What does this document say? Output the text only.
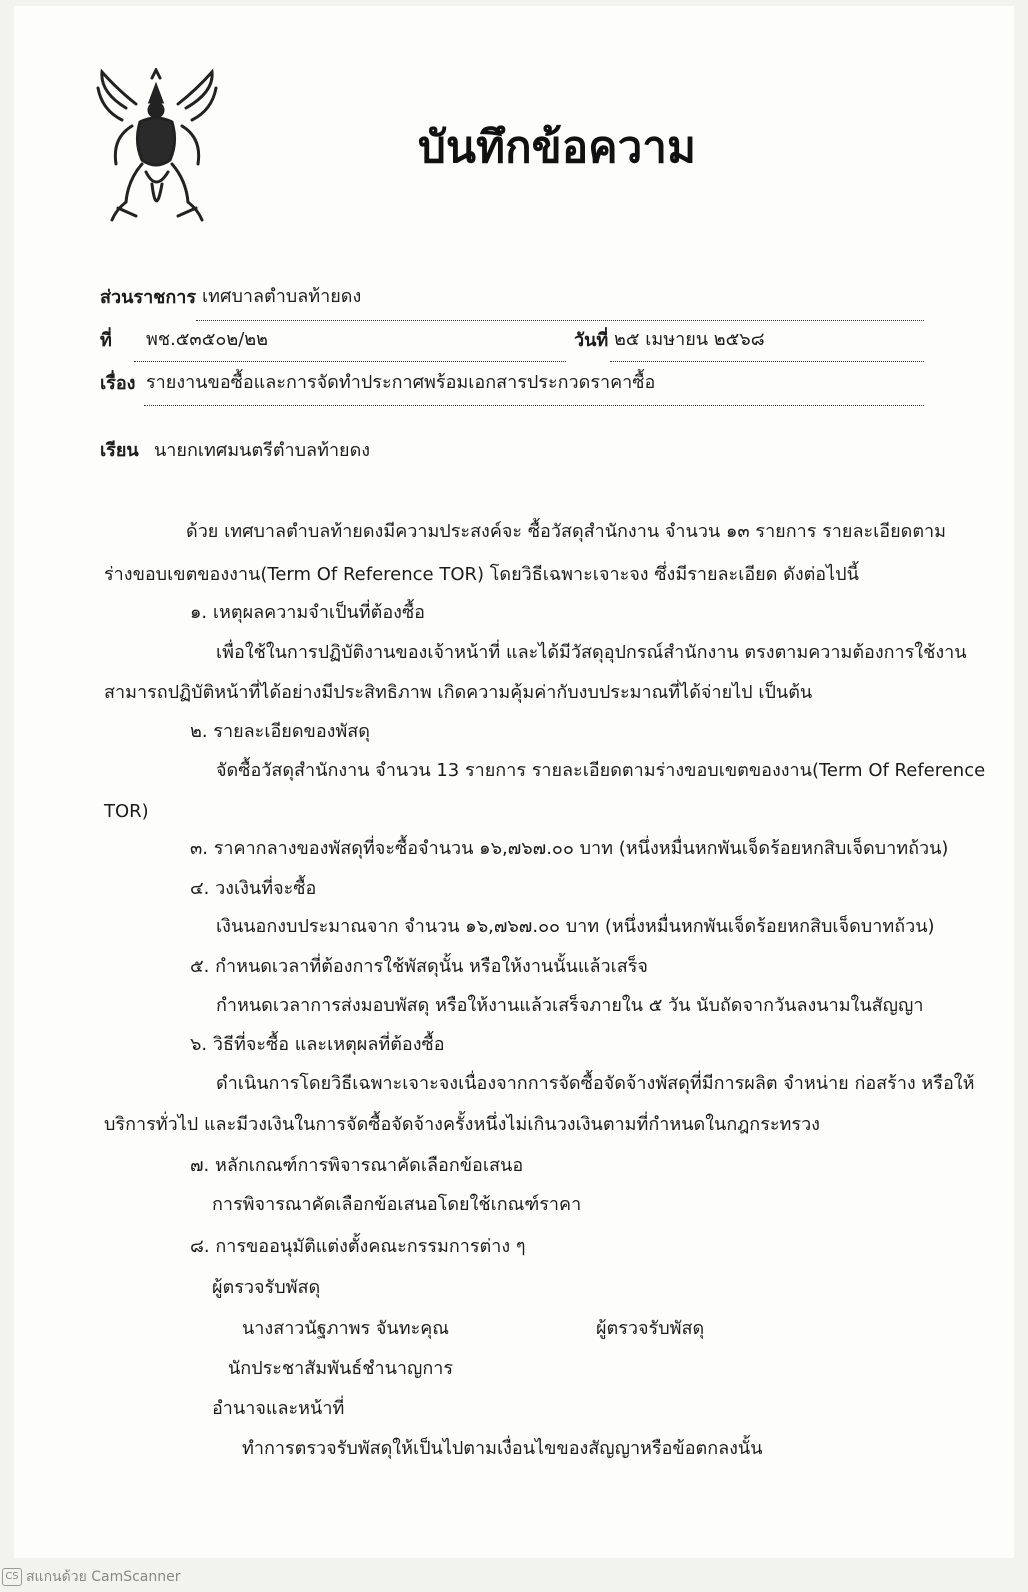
บันทึกข้อความ
ส่วนราชการ เทศบาลตำบลท้ายดง
ที่ พช.๕๓๕๐๒/๒๒	วันที่ ๒๕ เมษายน ๒๕๖๘
เรื่อง รายงานขอซื้อและการจัดทำประกาศพร้อมเอกสารประกวดราคาซื้อ
เรียน นายกเทศมนตรีตำบลท้ายดง
ด้วย เทศบาลตำบลท้ายดงมีความประสงค์จะ ซื้อวัสดุสำนักงาน จำนวน ๑๓ รายการ รายละเอียดตาม
ร่างขอบเขตของงาน(Term Of Reference TOR) โดยวิธีเฉพาะเจาะจง ซึ่งมีรายละเอียด ดังต่อไปนี้
๑. เหตุผลความจำเป็นที่ต้องซื้อ
เพื่อใช้ในการปฏิบัติงานของเจ้าหน้าที่ และได้มีวัสดุอุปกรณ์สำนักงาน ตรงตามความต้องการใช้งาน
สามารถปฏิบัติหน้าที่ได้อย่างมีประสิทธิภาพ เกิดความคุ้มค่ากับงบประมาณที่ได้จ่ายไป เป็นต้น
๒. รายละเอียดของพัสดุ
จัดซื้อวัสดุสำนักงาน จำนวน 13 รายการ รายละเอียดตามร่างขอบเขตของงาน(Term Of Reference
TOR)
๓. ราคากลางของพัสดุที่จะซื้อจำนวน ๑๖,๗๖๗.๐๐ บาท (หนึ่งหมื่นหกพันเจ็ดร้อยหกสิบเจ็ดบาทถ้วน)
๔. วงเงินที่จะซื้อ
เงินนอกงบประมาณจาก จำนวน ๑๖,๗๖๗.๐๐ บาท (หนึ่งหมื่นหกพันเจ็ดร้อยหกสิบเจ็ดบาทถ้วน)
๕. กำหนดเวลาที่ต้องการใช้พัสดุนั้น หรือให้งานนั้นแล้วเสร็จ
กำหนดเวลาการส่งมอบพัสดุ หรือให้งานแล้วเสร็จภายใน ๕ วัน นับถัดจากวันลงนามในสัญญา
๖. วิธีที่จะซื้อ และเหตุผลที่ต้องซื้อ
ดำเนินการโดยวิธีเฉพาะเจาะจงเนื่องจากการจัดซื้อจัดจ้างพัสดุที่มีการผลิต จำหน่าย ก่อสร้าง หรือให้
บริการทั่วไป และมีวงเงินในการจัดซื้อจัดจ้างครั้งหนึ่งไม่เกินวงเงินตามที่กำหนดในกฎกระทรวง
๗. หลักเกณฑ์การพิจารณาคัดเลือกข้อเสนอ
การพิจารณาคัดเลือกข้อเสนอโดยใช้เกณฑ์ราคา
๘. การขออนุมัติแต่งตั้งคณะกรรมการต่าง ๆ
ผู้ตรวจรับพัสดุ
นางสาวนัฐภาพร จันทะคุณ	ผู้ตรวจรับพัสดุ
นักประชาสัมพันธ์ชำนาญการ
อำนาจและหน้าที่
ทำการตรวจรับพัสดุให้เป็นไปตามเงื่อนไขของสัญญาหรือข้อตกลงนั้น
CS สแกนด้วย CamScanner
